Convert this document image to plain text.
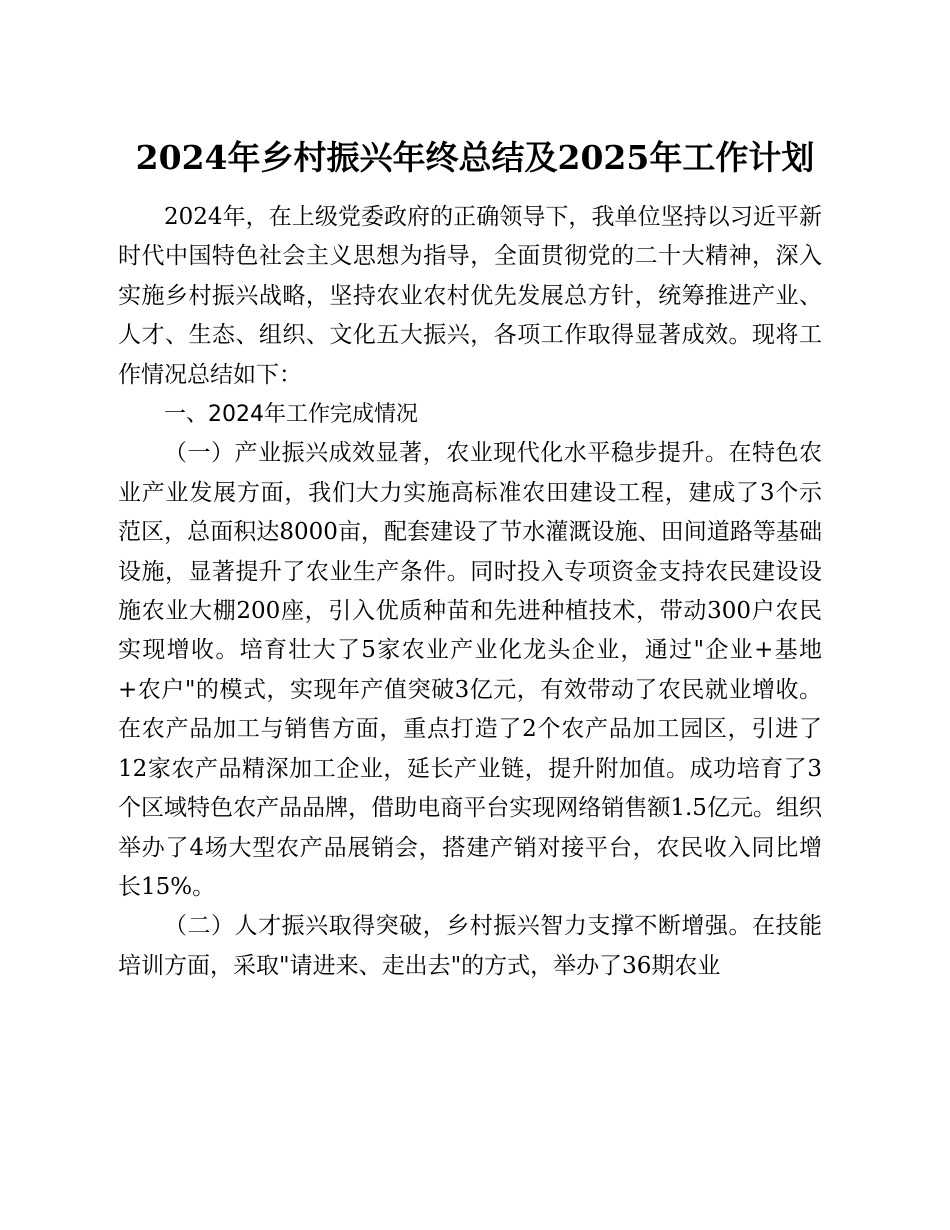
2024年乡村振兴年终总结及2025年工作计划

2024年，在上级党委政府的正确领导下，我单位坚持以习近平新时代中国特色社会主义思想为指导，全面贯彻党的二十大精神，深入实施乡村振兴战略，坚持农业农村优先发展总方针，统筹推进产业、人才、生态、组织、文化五大振兴，各项工作取得显著成效。现将工作情况总结如下：

一、2024年工作完成情况

（一）产业振兴成效显著，农业现代化水平稳步提升。在特色农业产业发展方面，我们大力实施高标准农田建设工程，建成了3个示范区，总面积达8000亩，配套建设了节水灌溉设施、田间道路等基础设施，显著提升了农业生产条件。同时投入专项资金支持农民建设设施农业大棚200座，引入优质种苗和先进种植技术，带动300户农民实现增收。培育壮大了5家农业产业化龙头企业，通过"企业+基地+农户"的模式，实现年产值突破3亿元，有效带动了农民就业增收。在农产品加工与销售方面，重点打造了2个农产品加工园区，引进了12家农产品精深加工企业，延长产业链，提升附加值。成功培育了3个区域特色农产品品牌，借助电商平台实现网络销售额1.5亿元。组织举办了4场大型农产品展销会，搭建产销对接平台，农民收入同比增长15%。

（二）人才振兴取得突破，乡村振兴智力支撑不断增强。在技能培训方面，采取"请进来、走出去"的方式，举办了36期农业
